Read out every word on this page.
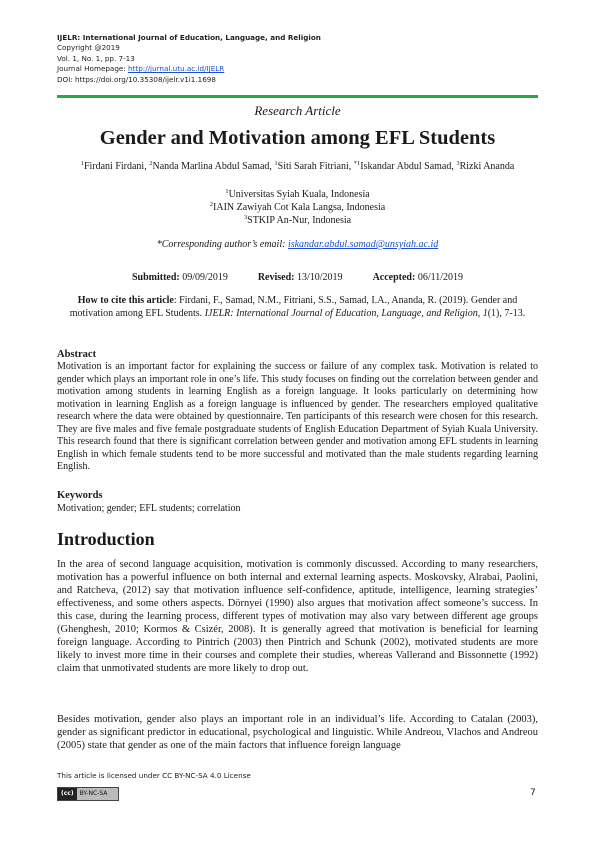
IJELR: International Journal of Education, Language, and Religion
Copyright @2019
Vol. 1, No. 1, pp. 7-13
Journal Homepage: http://jurnal.utu.ac.id/IJELR
DOI: https://doi.org/10.35308/ijelr.v1i1.1698
Research Article
Gender and Motivation among EFL Students
$^1$Firdani Firdani, $^2$Nanda Marlina Abdul Samad, $^1$Siti Sarah Fitriani, $^{*1}$Iskandar Abdul Samad, $^3$Rizki Ananda
$^1$Universitas Syiah Kuala, Indonesia
$^2$IAIN Zawiyah Cot Kala Langsa, Indonesia
$^3$STKIP An-Nur, Indonesia
*Corresponding author’s email: iskandar.abdul.samad@unsyiah.ac.id
Submitted: 09/09/2019	Revised: 13/10/2019	Accepted: 06/11/2019
How to cite this article: Firdani, F., Samad, N.M., Fitriani, S.S., Samad, I.A., Ananda, R. (2019). Gender and motivation among EFL Students. IJELR: International Journal of Education, Language, and Religion, 1(1), 7-13.
Abstract
Motivation is an important factor for explaining the success or failure of any complex task. Motivation is related to gender which plays an important role in one’s life. This study focuses on finding out the correlation between gender and motivation among students in learning English as a foreign language. It looks particularly on determining how motivation in learning English as a foreign language is influenced by gender. The researchers employed qualitative research where the data were obtained by questionnaire. Ten participants of this research were chosen for this research. They are five males and five female postgraduate students of English Education Department of Syiah Kuala University. This research found that there is significant correlation between gender and motivation among EFL students in learning English in which female students tend to be more successful and motivated than the male students regarding learning English.
Keywords
Motivation; gender; EFL students; correlation
Introduction
In the area of second language acquisition, motivation is commonly discussed. According to many researchers, motivation has a powerful influence on both internal and external learning aspects. Moskovsky, Alrabai, Paolini, and Ratcheva, (2012) say that motivation influence self-confidence, aptitude, intelligence, learning strategies’ effectiveness, and some others aspects. Dörnyei (1990) also argues that motivation affect someone’s success. In this case, during the learning process, different types of motivation may also vary between different age groups (Ghenghesh, 2010; Kormos & Csizér, 2008). It is generally agreed that motivation is beneficial for learning foreign language. According to Pintrich (2003) then Pintrich and Schunk (2002), motivated students are more likely to invest more time in their courses and complete their studies, whereas Vallerand and Bissonnette (1992) claim that unmotivated students are more likely to drop out.
Besides motivation, gender also plays an important role in an individual’s life. According to Catalan (2003), gender as significant predictor in educational, psychological and linguistic. While Andreou, Vlachos and Andreou (2005) state that gender as one of the main factors that influence foreign language
This article is licensed under CC BY-NC-SA 4.0 License
(cc)	BY-NC-SA	7
